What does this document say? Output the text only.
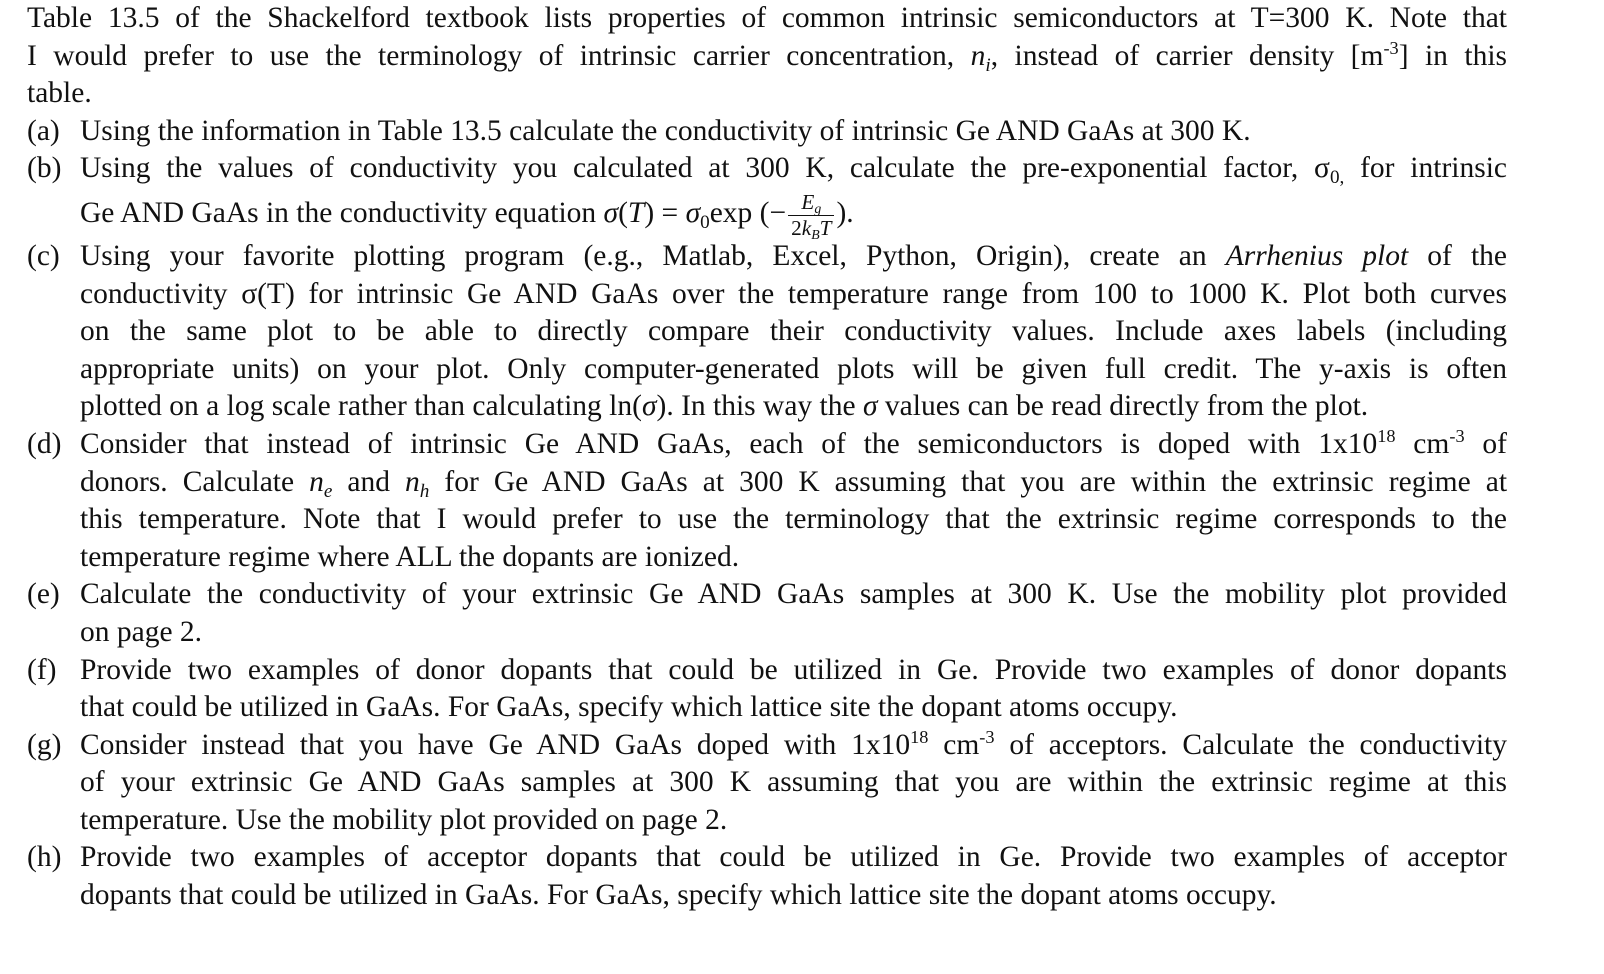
Table 13.5 of the Shackelford textbook lists properties of common intrinsic semiconductors at T=300 K. Note that
I would prefer to use the terminology of intrinsic carrier concentration, ni, instead of carrier density $[m^{-3}]$ in this
table.
(a) Using the information in Table 13.5 calculate the conductivity of intrinsic Ge AND GaAs at 300 K.
(b) Using the values of conductivity you calculated at 300 K, calculate the pre-exponential factor, $\sigma_{0,}$ for intrinsic
Ge AND GaAs in the conductivity equation $\sigma(T) = \sigma_0\exp$ (− $\frac{Eg}{\text{2kBT}}$ ).
(c) Using your favorite plotting program (e.g., Matlab, Excel, Python, Origin), create an Arrhenius plot of the
conductivity σ(T) for intrinsic Ge AND GaAs over the temperature range from 100 to 1000 K. Plot both curves
on the same plot to be able to directly compare their conductivity values. Include axes labels (including
appropriate units) on your plot. Only computer-generated plots will be given full credit. The y-axis is often
plotted on a log scale rather than calculating ln(σ). In this way the σ values can be read directly from the plot.
(d) Consider that instead of intrinsic Ge AND GaAs, each of the semiconductors is doped with $1x10^{18}$ $cm^{-3}$ of
donors. Calculate ne and nh for Ge AND GaAs at 300 K assuming that you are within the extrinsic regime at
this temperature. Note that I would prefer to use the terminology that the extrinsic regime corresponds to the
temperature regime where ALL the dopants are ionized.
(e) Calculate the conductivity of your extrinsic Ge AND GaAs samples at 300 K. Use the mobility plot provided
on page 2.
(f) Provide two examples of donor dopants that could be utilized in Ge. Provide two examples of donor dopants
that could be utilized in GaAs. For GaAs, specify which lattice site the dopant atoms occupy.
(g) Consider instead that you have Ge AND GaAs doped with $1x10^{18}$ $cm^{-3}$ of acceptors. Calculate the conductivity
of your extrinsic Ge AND GaAs samples at 300 K assuming that you are within the extrinsic regime at this
temperature. Use the mobility plot provided on page 2.
(h) Provide two examples of acceptor dopants that could be utilized in Ge. Provide two examples of acceptor
dopants that could be utilized in GaAs. For GaAs, specify which lattice site the dopant atoms occupy.
